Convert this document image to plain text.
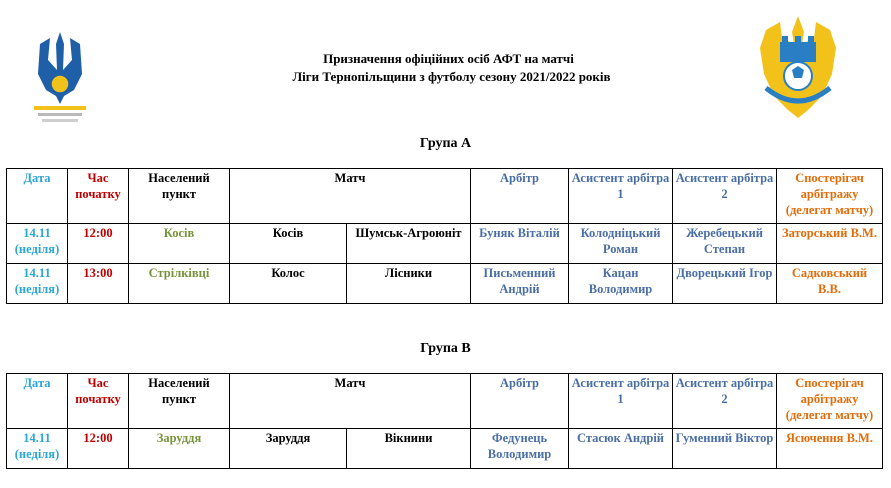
Призначення офіційних осіб АФТ на матчі
Ліги Тернопільщини з футболу сезону 2021/2022 років
Група А
Дата	Час початку	Населений пункт	Матч		Арбітр	Асистент арбітра 1	Асистент арбітра 2	Спостерігач арбітражу (делегат матчу)
14.11 (неділя)	12:00	Косів	Косів	Шумськ-Агроюніт	Буняк Віталій	Колодніцький Роман	Жеребецький Степан	Заторський В.М.
14.11 (неділя)	13:00	Стрілківці	Колос	Лісники	Письменний Андрій	Кацан Володимир	Дворецький Ігор	Садковський В.В.
Група В
Дата	Час початку	Населений пункт	Матч		Арбітр	Асистент арбітра 1	Асистент арбітра 2	Спостерігач арбітражу (делегат матчу)
14.11 (неділя)	12:00	Заруддя	Заруддя	Вікнини	Федунець Володимир	Стасюк Андрій	Гуменний Віктор	Ясючення В.М.
